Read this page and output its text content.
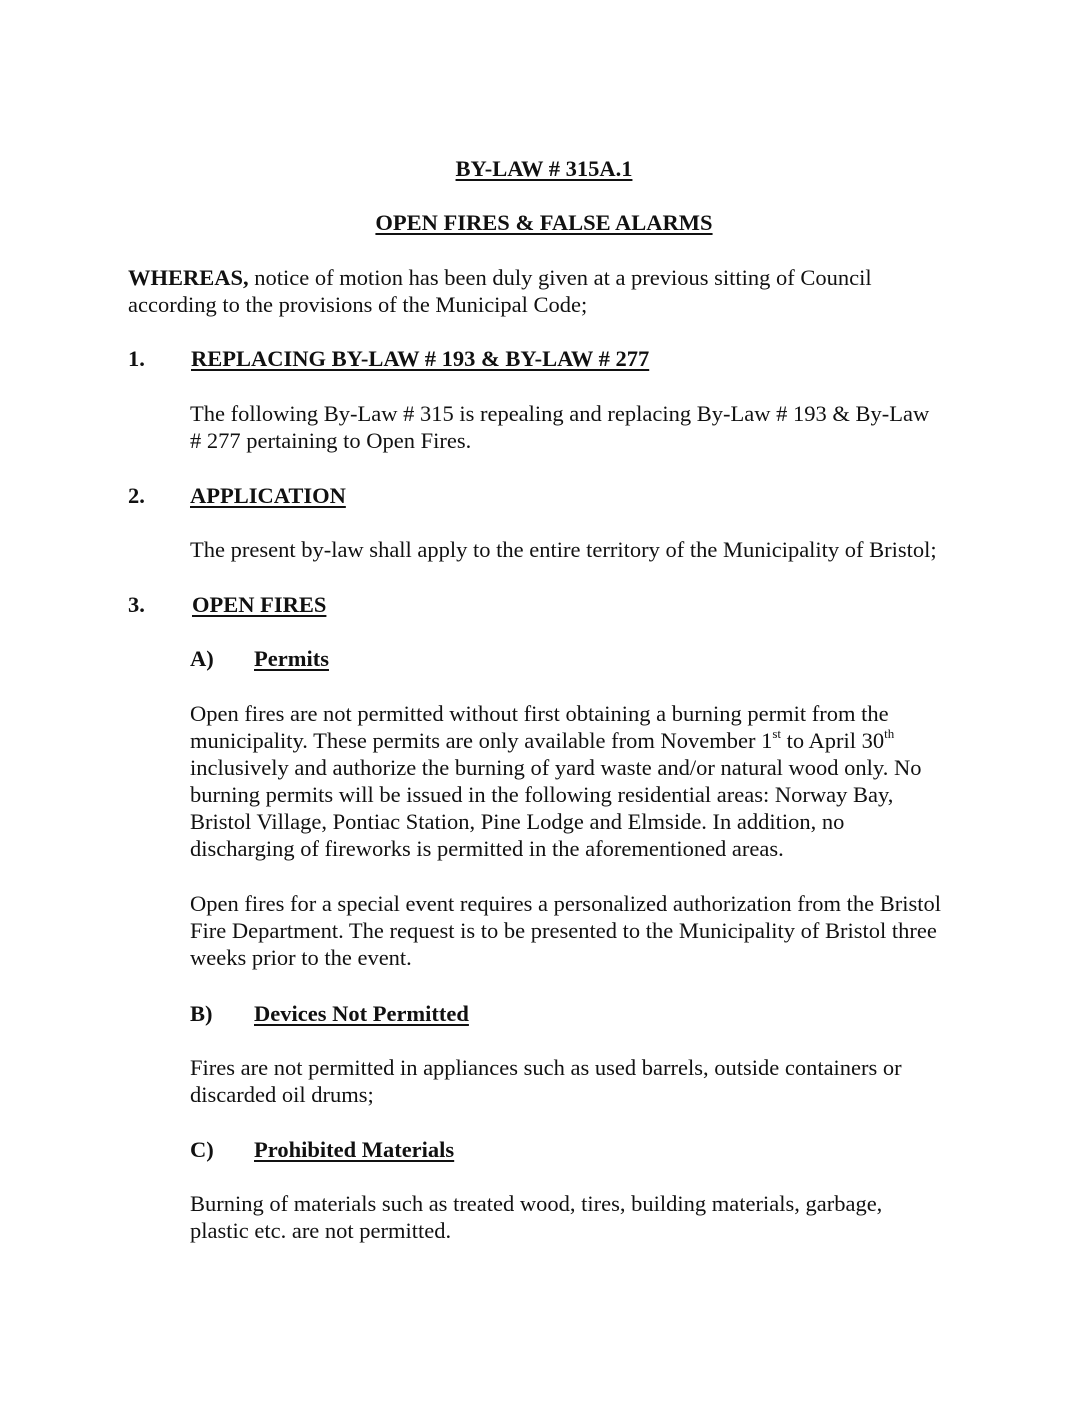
BY-LAW # 315A.1
OPEN FIRES & FALSE ALARMS
WHEREAS, notice of motion has been duly given at a previous sitting of Council
according to the provisions of the Municipal Code;
1. REPLACING BY-LAW # 193 & BY-LAW # 277
The following By-Law # 315 is repealing and replacing By-Law # 193 & By-Law
# 277 pertaining to Open Fires.
2. APPLICATION
The present by-law shall apply to the entire territory of the Municipality of Bristol;
3. OPEN FIRES
A) Permits
Open fires are not permitted without first obtaining a burning permit from the
municipality. These permits are only available from November 1st to April 30th
inclusively and authorize the burning of yard waste and/or natural wood only. No
burning permits will be issued in the following residential areas: Norway Bay,
Bristol Village, Pontiac Station, Pine Lodge and Elmside. In addition, no
discharging of fireworks is permitted in the aforementioned areas.
Open fires for a special event requires a personalized authorization from the Bristol
Fire Department. The request is to be presented to the Municipality of Bristol three
weeks prior to the event.
B) Devices Not Permitted
Fires are not permitted in appliances such as used barrels, outside containers or
discarded oil drums;
C) Prohibited Materials
Burning of materials such as treated wood, tires, building materials, garbage,
plastic etc. are not permitted.
